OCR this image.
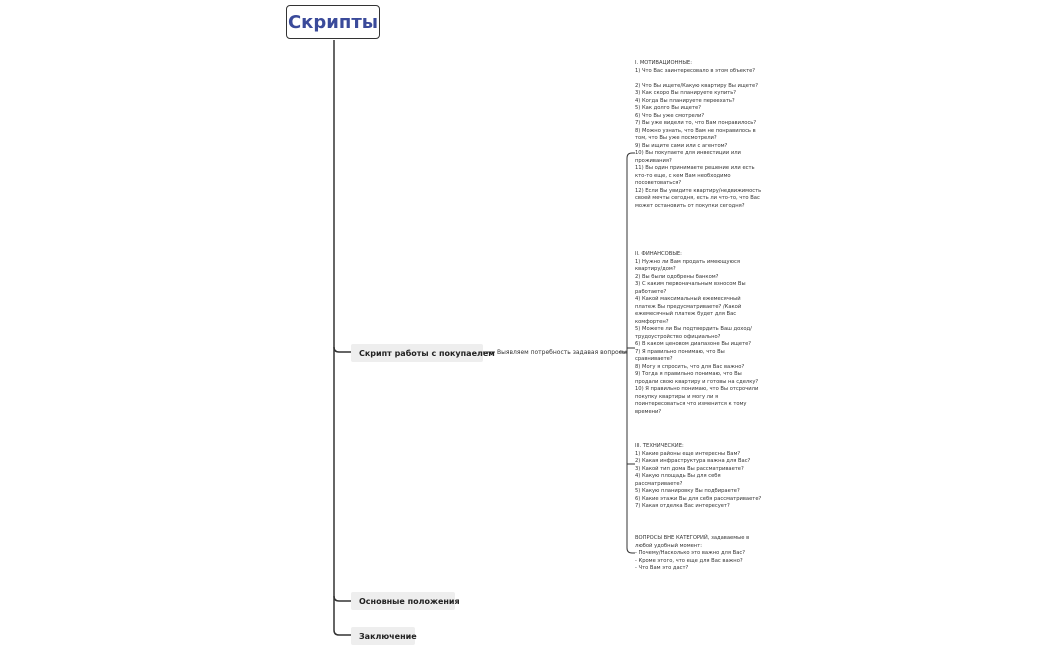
Скрипты
Скрипт работы с покупаелем
Основные положения
Заключение
Выявляем потребность задавая вопросы
I. МОТИВАЦИОННЫЕ:
1) Что Вас заинтересовало в этом объекте?

2) Что Вы ищете/Какую квартиру Вы ищете?
3) Как скоро Вы планируете купить?
4) Когда Вы планируете переехать?
5) Как долго Вы ищете?
6) Что Вы уже смотрели?
7) Вы уже видели то, что Вам понравилось?
8) Можно узнать, что Вам не понравилось в том, что Вы уже посмотрели?
9) Вы ищите сами или с агентом?
10) Вы покупаете для инвестиции или проживания?
11) Вы один принимаете решение или есть кто-то еще, с кем Вам необходимо посоветоваться?
12) Если Вы увидите квартиру/недвижимость своей мечты сегодня, есть ли что-то, что Вас может остановить от покупки сегодня?
II. ФИНАНСОВЫЕ:
1) Нужно ли Вам продать имеющуюся квартиру/дом?
2) Вы были одобрены банком?
3) С каким первоначальным взносом Вы работаете?
4) Какой максимальный ежемесячный платеж Вы предусматриваете? /Какой ежемесячный платеж будет для Вас комфортен?
5) Можете ли Вы подтвердить Ваш доход/трудоустройство официально?
6) В каком ценовом диапазоне Вы ищете?
7) Я правильно понимаю, что Вы сравниваете?
8) Могу я спросить, что для Вас важно?
9) Тогда я правильно понимаю, что Вы продали свою квартиру и готовы на сделку?
10) Я правильно понимаю, что Вы отсрочили покупку квартиры и могу ли я поинтересоваться что изменится к тому времени?
III. ТЕХНИЧЕСКИЕ:
1) Какие районы еще интересны Вам?
2) Какая инфраструктура важна для Вас?
3) Какой тип дома Вы рассматриваете?
4) Какую площадь Вы для себя рассматриваете?
5) Какую планировку Вы подбираете?
6) Какие этажи Вы для себя рассматриваете?
7) Какая отделка Вас интересует?
ВОПРОСЫ ВНЕ КАТЕГОРИЙ, задаваемые в любой удобный момент:
- Почему/Насколько это важно для Вас?
- Кроме этого, что еще для Вас важно?
- Что Вам это даст?
